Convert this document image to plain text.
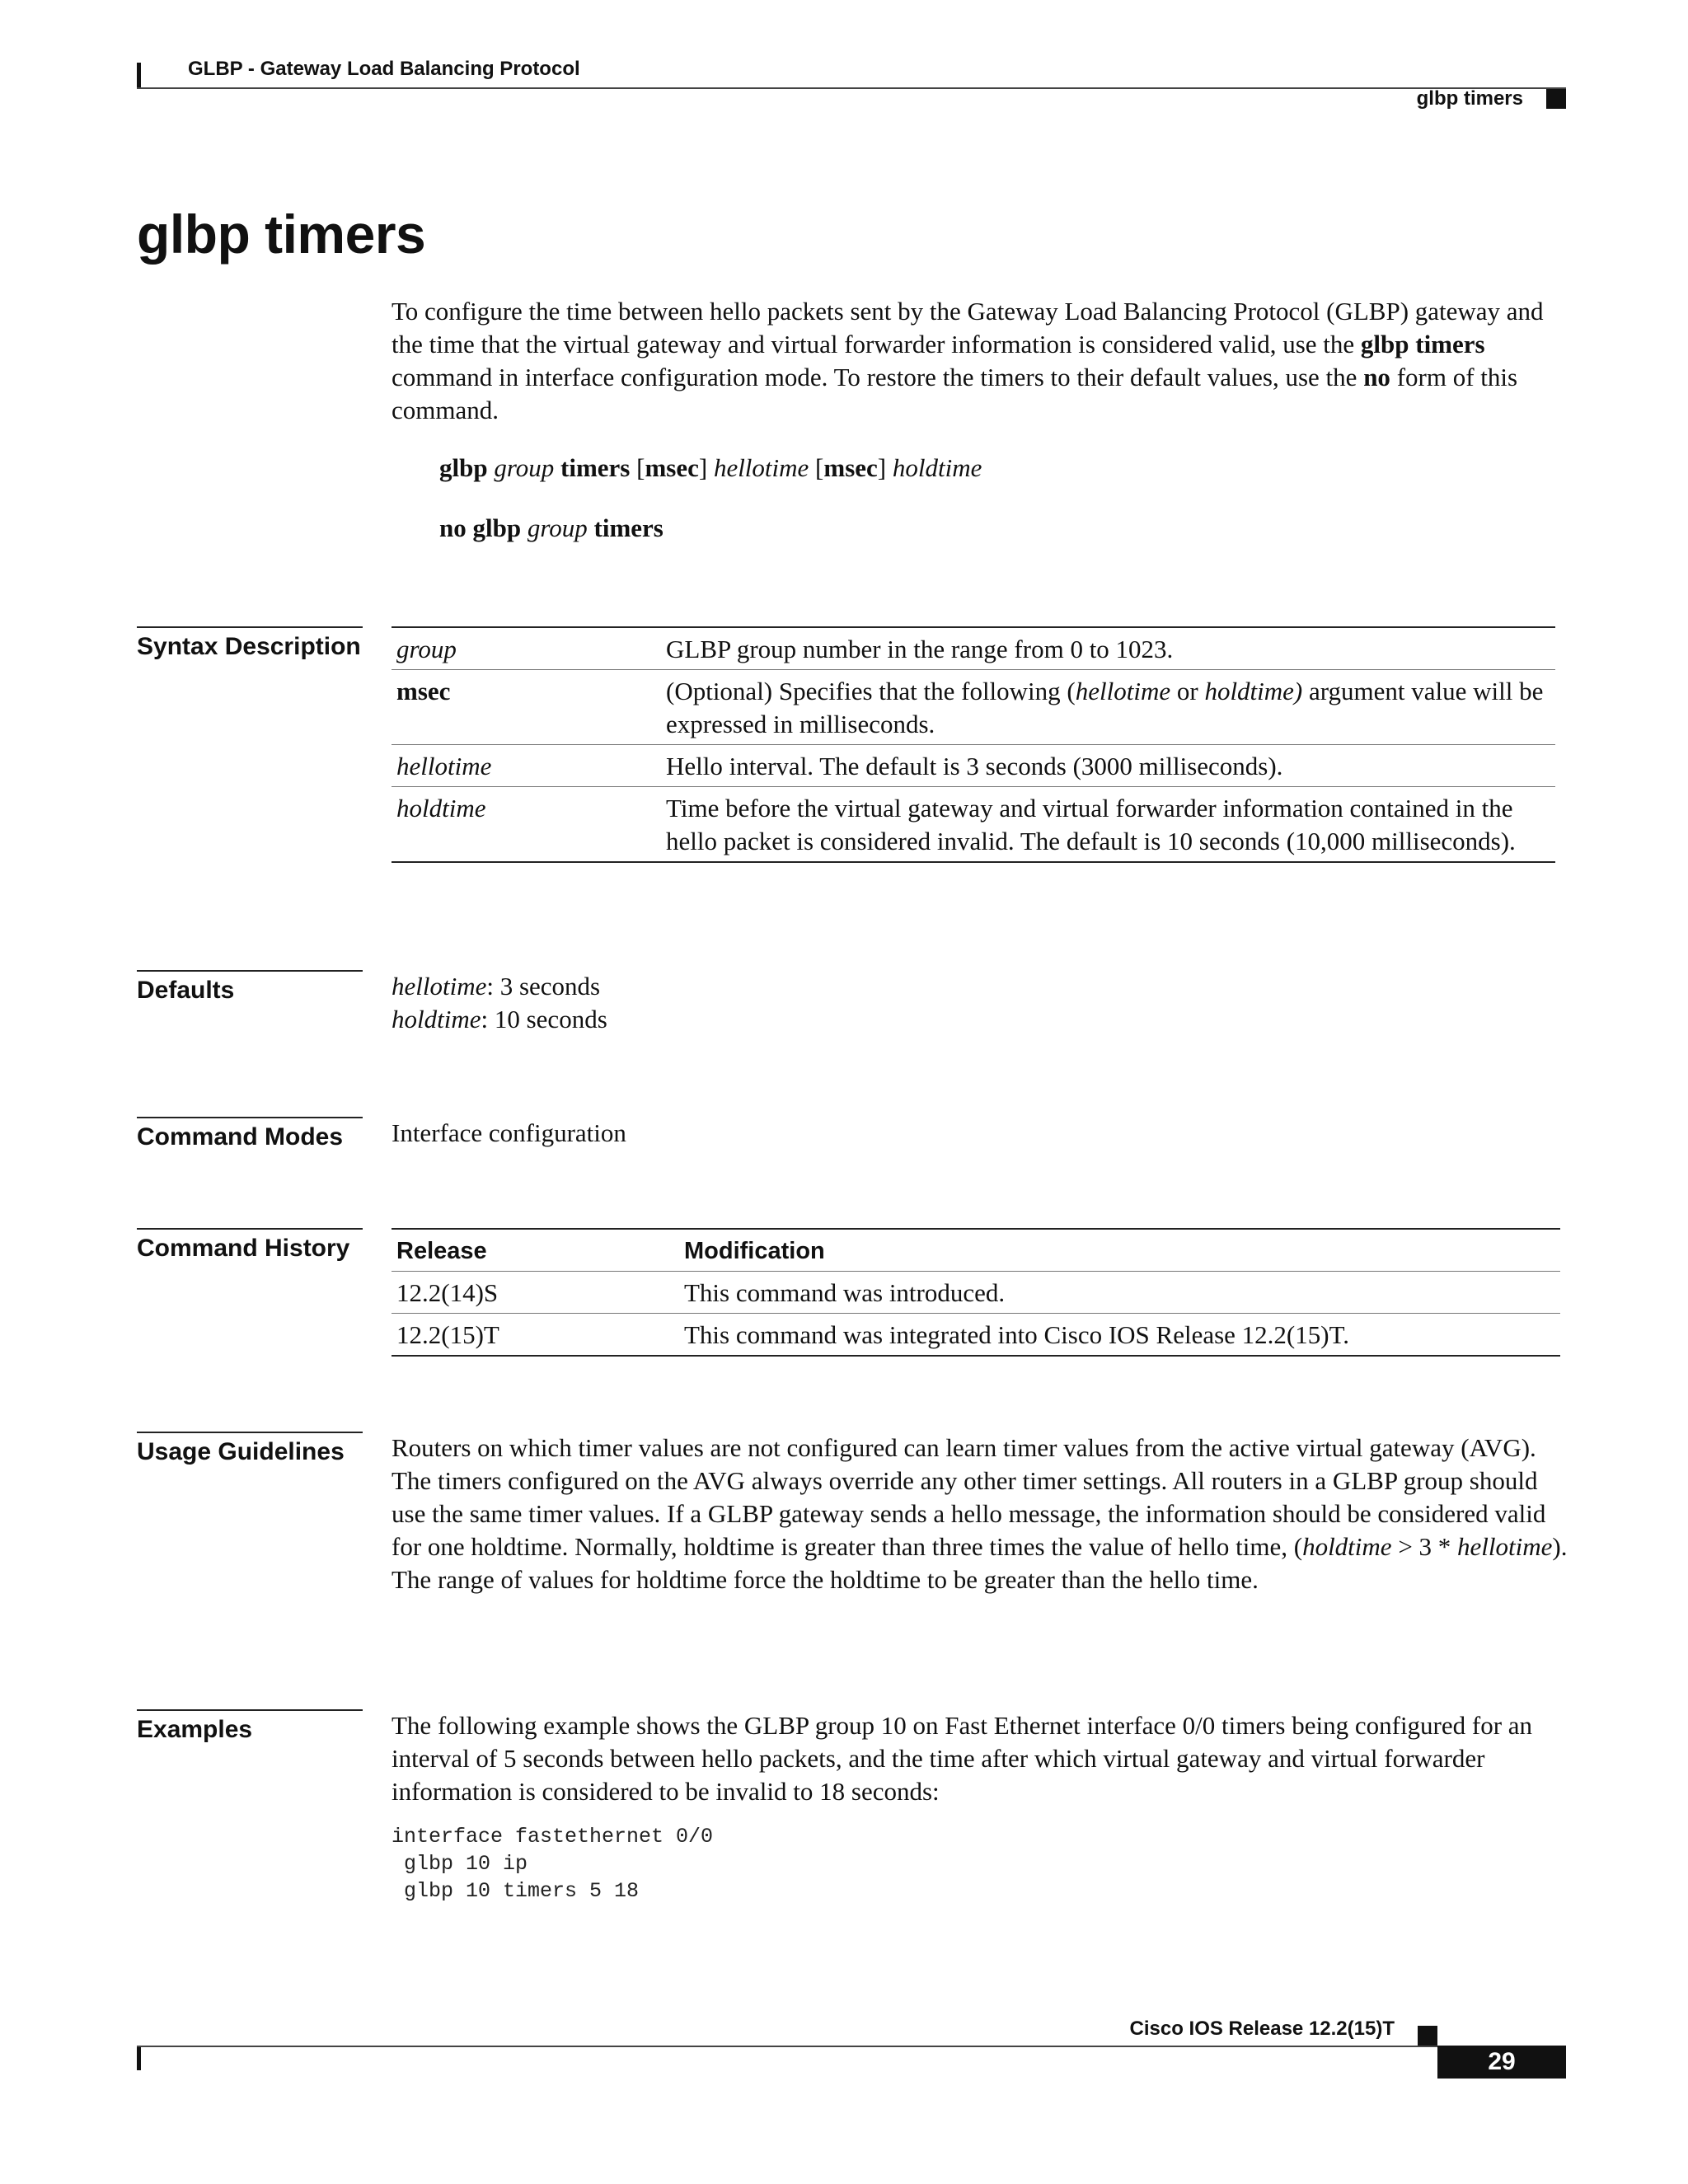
GLBP - Gateway Load Balancing Protocol
glbp timers
glbp timers
To configure the time between hello packets sent by the Gateway Load Balancing Protocol (GLBP) gateway and the time that the virtual gateway and virtual forwarder information is considered valid, use the glbp timers command in interface configuration mode. To restore the timers to their default values, use the no form of this command.
glbp group timers [msec] hellotime [msec] holdtime
no glbp group timers
Syntax Description group	GLBP group number in the range from 0 to 1023.
msec	(Optional) Specifies that the following (hellotime or holdtime) argument value will be expressed in milliseconds.
hellotime	Hello interval. The default is 3 seconds (3000 milliseconds).
holdtime	Time before the virtual gateway and virtual forwarder information contained in the hello packet is considered invalid. The default is 10 seconds (10,000 milliseconds).
Defaults	hellotime: 3 seconds
holdtime: 10 seconds
Command Modes	Interface configuration
Command History	Release	Modification
12.2(14)S	This command was introduced.
12.2(15)T	This command was integrated into Cisco IOS Release 12.2(15)T.
Usage Guidelines	Routers on which timer values are not configured can learn timer values from the active virtual gateway (AVG). The timers configured on the AVG always override any other timer settings. All routers in a GLBP group should use the same timer values. If a GLBP gateway sends a hello message, the information should be considered valid for one holdtime. Normally, holdtime is greater than three times the value of hello time, (holdtime > 3 * hellotime). The range of values for holdtime force the holdtime to be greater than the hello time.
Examples	The following example shows the GLBP group 10 on Fast Ethernet interface 0/0 timers being configured for an interval of 5 seconds between hello packets, and the time after which virtual gateway and virtual forwarder information is considered to be invalid to 18 seconds:
interface fastethernet 0/0
glbp 10 ip
glbp 10 timers 5 18
Cisco IOS Release 12.2(15)T
29
